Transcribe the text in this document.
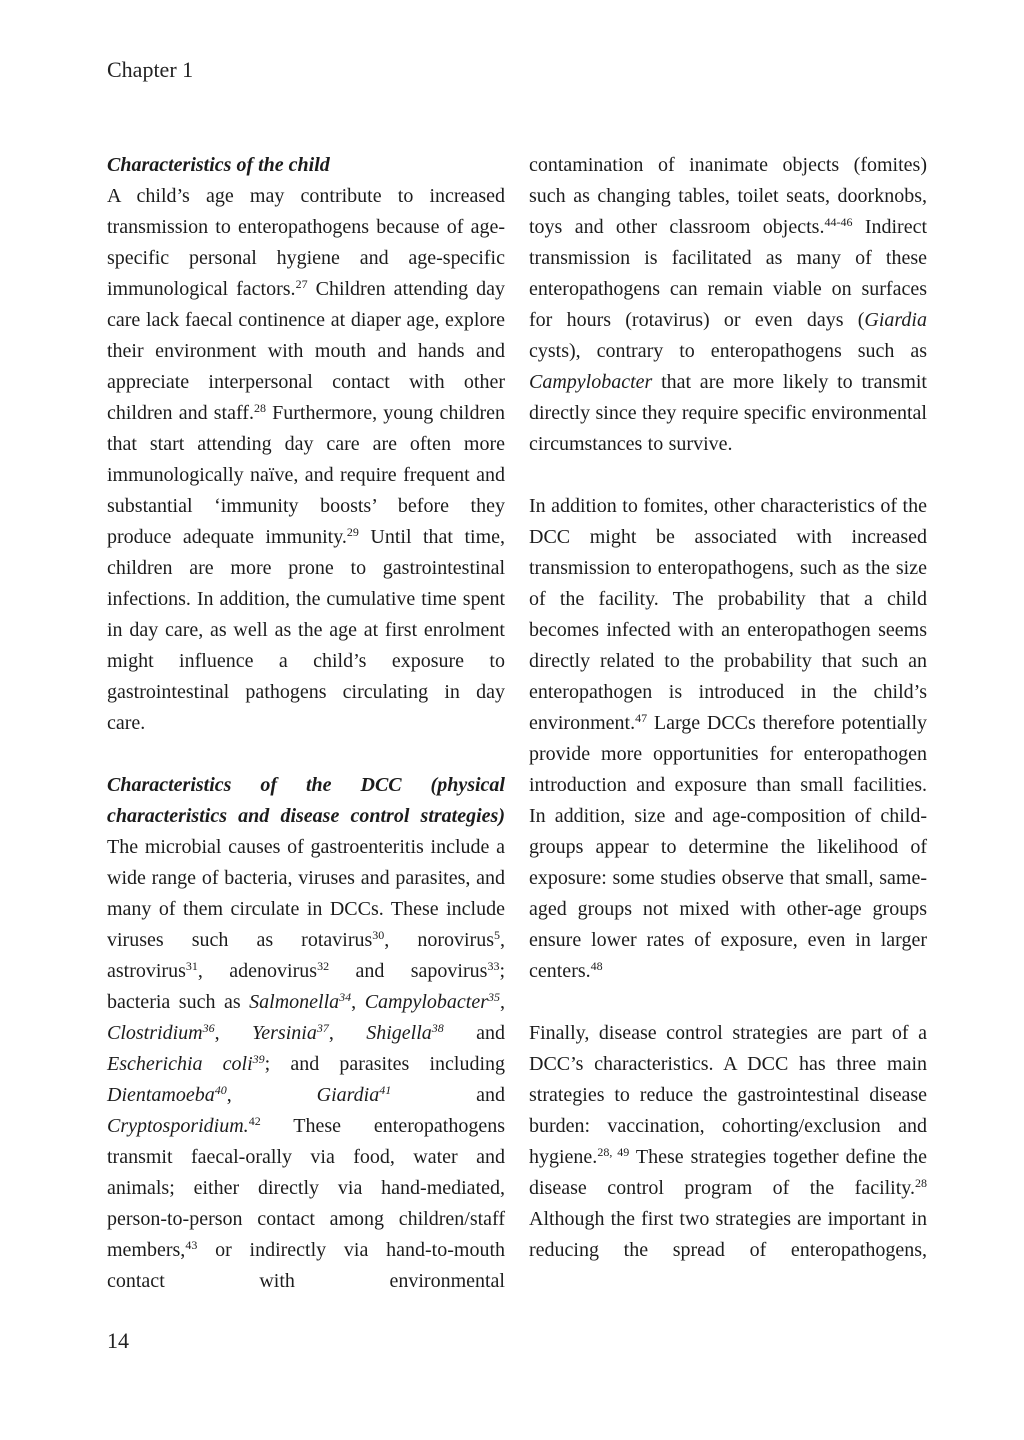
Chapter 1
Characteristics of the child

A child’s age may contribute to increased transmission to enteropathogens because of age-specific personal hygiene and age-specific immunological factors.$^{27}$ Children attending day care lack faecal continence at diaper age, explore their environment with mouth and hands and appreciate interpersonal contact with other children and staff.$^{28}$ Furthermore, young children that start attending day care are often more immunologically naïve, and require frequent and substantial ‘immunity boosts’ before they produce adequate immunity.$^{29}$ Until that time, children are more prone to gastrointestinal infections. In addition, the cumulative time spent in day care, as well as the age at first enrolment might influence a child’s exposure to gastrointestinal pathogens circulating in day care.

Characteristics of the DCC (physical characteristics and disease control strategies)

The microbial causes of gastroenteritis include a wide range of bacteria, viruses and parasites, and many of them circulate in DCCs. These include viruses such as rotavirus$^{30}$, norovirus$^5$, astrovirus$^{31}$, adenovirus$^{32}$ and sapovirus$^{33}$; bacteria such as Salmonella$^{34}$, Campylobacter$^{35}$, Clostridium$^{36}$, Yersinia$^{37}$, Shigella$^{38}$ and Escherichia coli$^{39}$; and parasites including Dientamoeba$^{40}$, Giardia$^{41}$ and Cryptosporidium.$^{42}$ These enteropathogens transmit faecal-orally via food, water and animals; either directly via hand-mediated, person-to-person contact among children/staff members,$^{43}$ or indirectly via hand-to-mouth contact with environmental

contamination of inanimate objects (fomites) such as changing tables, toilet seats, doorknobs, toys and other classroom objects.$^{44-46}$ Indirect transmission is facilitated as many of these enteropathogens can remain viable on surfaces for hours (rotavirus) or even days (Giardia cysts), contrary to enteropathogens such as Campylobacter that are more likely to transmit directly since they require specific environmental circumstances to survive.

In addition to fomites, other characteristics of the DCC might be associated with increased transmission to enteropathogens, such as the size of the facility. The probability that a child becomes infected with an enteropathogen seems directly related to the probability that such an enteropathogen is introduced in the child’s environment.$^{47}$ Large DCCs therefore potentially provide more opportunities for enteropathogen introduction and exposure than small facilities. In addition, size and age-composition of child-groups appear to determine the likelihood of exposure: some studies observe that small, same-aged groups not mixed with other-age groups ensure lower rates of exposure, even in larger centers.$^{48}$

Finally, disease control strategies are part of a DCC’s characteristics. A DCC has three main strategies to reduce the gastrointestinal disease burden: vaccination, cohorting/exclusion and hygiene.$^{28, 49}$ These strategies together define the disease control program of the facility.$^{28}$ Although the first two strategies are important in reducing the spread of enteropathogens,

14
